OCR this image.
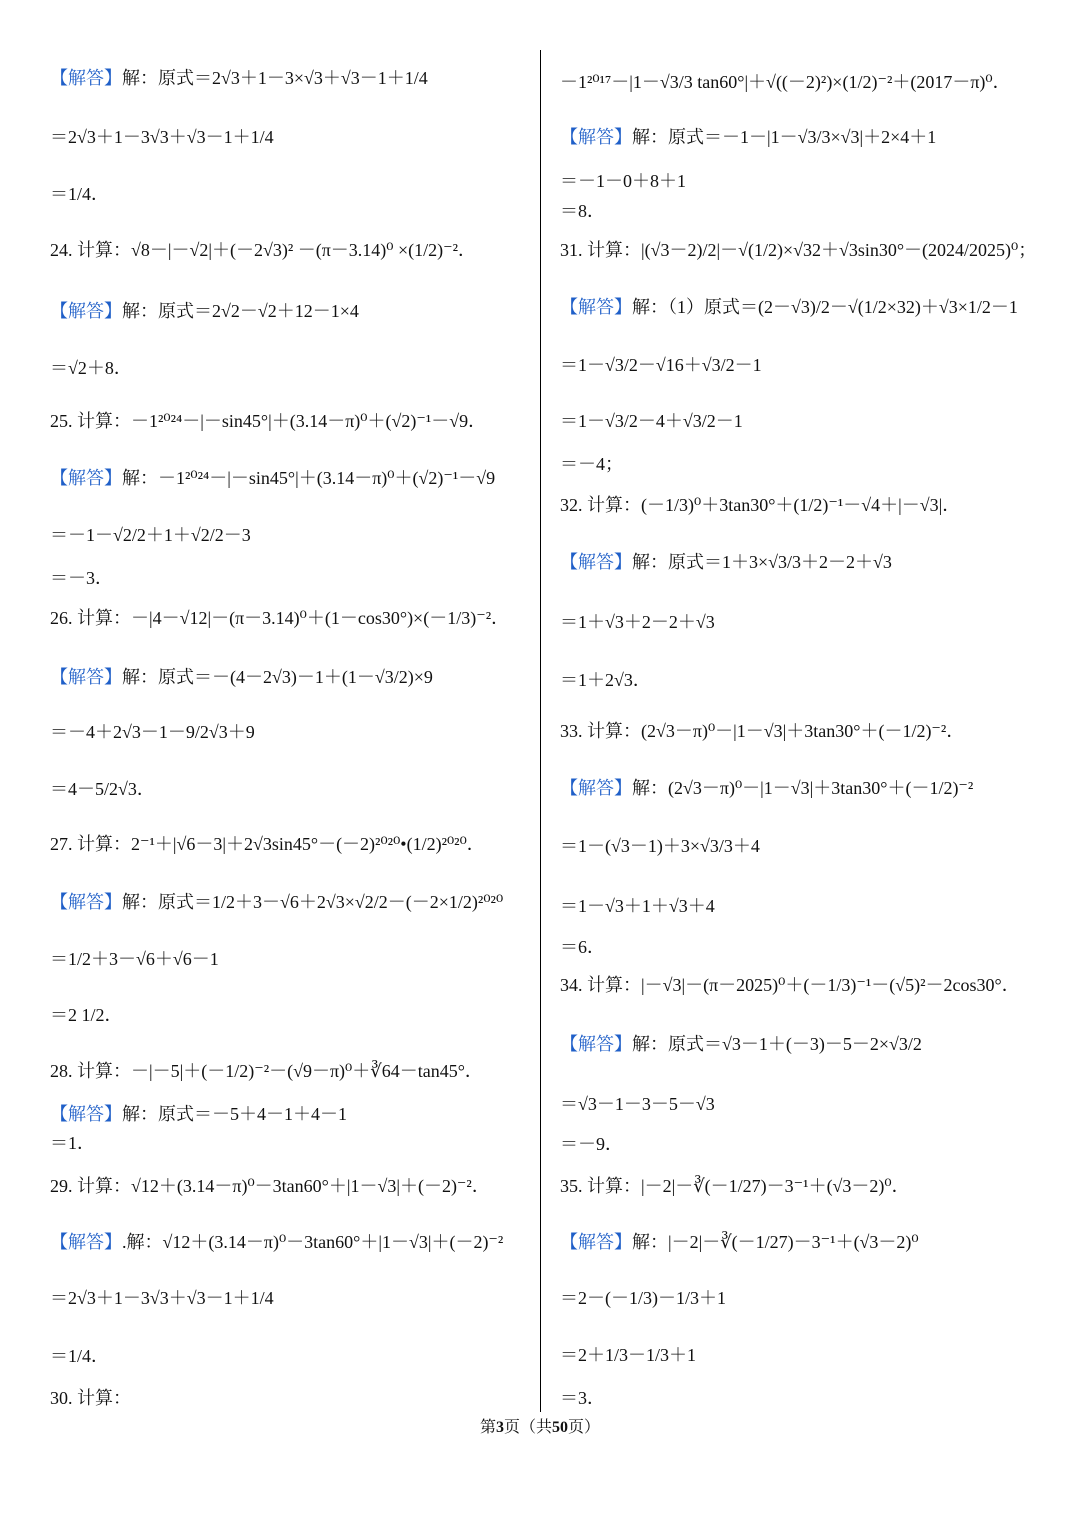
【解答】解：原式＝2√3＋1－3×√3＋√3－1＋1/4
＝2√3＋1－3√3＋√3－1＋1/4
＝1/4．
24. 计算：√8－|－√2|＋(－2√3)² －(π－3.14)⁰ ×(1/2)⁻²．
【解答】解：原式＝2√2－√2＋12－1×4
＝√2＋8．
25. 计算：－1²⁰²⁴－|－sin45°|＋(3.14－π)⁰＋(√2)⁻¹－√9．
【解答】解：－1²⁰²⁴－|－sin45°|＋(3.14－π)⁰＋(√2)⁻¹－√9
＝－1－√2/2＋1＋√2/2－3
＝－3．
26. 计算：－|4－√12|－(π－3.14)⁰＋(1－cos30°)×(－1/3)⁻²．
【解答】解：原式＝－(4－2√3)－1＋(1－√3/2)×9
＝－4＋2√3－1－9/2√3＋9
＝4－5/2√3．
27. 计算：2⁻¹＋|√6－3|＋2√3sin45°－(－2)²⁰²⁰•(1/2)²⁰²⁰．
【解答】解：原式＝1/2＋3－√6＋2√3×√2/2－(－2×1/2)²⁰²⁰
＝1/2＋3－√6＋√6－1
＝2 1/2．
28. 计算：－|－5|＋(－1/2)⁻²－(√9－π)⁰＋∛64－tan45°．
【解答】解：原式＝－5＋4－1＋4－1
＝1．
29. 计算：√12＋(3.14－π)⁰－3tan60°＋|1－√3|＋(－2)⁻²．
【解答】.解：√12＋(3.14－π)⁰－3tan60°＋|1－√3|＋(－2)⁻²
＝2√3＋1－3√3＋√3－1＋1/4
＝1/4．
30. 计算：
－1²⁰¹⁷－|1－√3/3 tan60°|＋√((－2)²)×(1/2)⁻²＋(2017－π)⁰．
【解答】解：原式＝－1－|1－√3/3×√3|＋2×4＋1
＝－1－0＋8＋1
＝8．
31. 计算：|(√3－2)/2|－√(1/2)×√32＋√3sin30°－(2024/2025)⁰；
【解答】解：（1）原式＝(2－√3)/2－√(1/2×32)＋√3×1/2－1
＝1－√3/2－√16＋√3/2－1
＝1－√3/2－4＋√3/2－1
＝－4；
32. 计算：(－1/3)⁰＋3tan30°＋(1/2)⁻¹－√4＋|－√3|．
【解答】解：原式＝1＋3×√3/3＋2－2＋√3
＝1＋√3＋2－2＋√3
＝1＋2√3．
33. 计算：(2√3－π)⁰－|1－√3|＋3tan30°＋(－1/2)⁻²．
【解答】解：(2√3－π)⁰－|1－√3|＋3tan30°＋(－1/2)⁻²
＝1－(√3－1)＋3×√3/3＋4
＝1－√3＋1＋√3＋4
＝6．
34. 计算：|－√3|－(π－2025)⁰＋(－1/3)⁻¹－(√5)²－2cos30°．
【解答】解：原式＝√3－1＋(－3)－5－2×√3/2
＝√3－1－3－5－√3
＝－9．
35. 计算：|－2|－∛(－1/27)－3⁻¹＋(√3－2)⁰．
【解答】解：|－2|－∛(－1/27)－3⁻¹＋(√3－2)⁰
＝2－(－1/3)－1/3＋1
＝2＋1/3－1/3＋1
＝3．
第3页（共50页）
